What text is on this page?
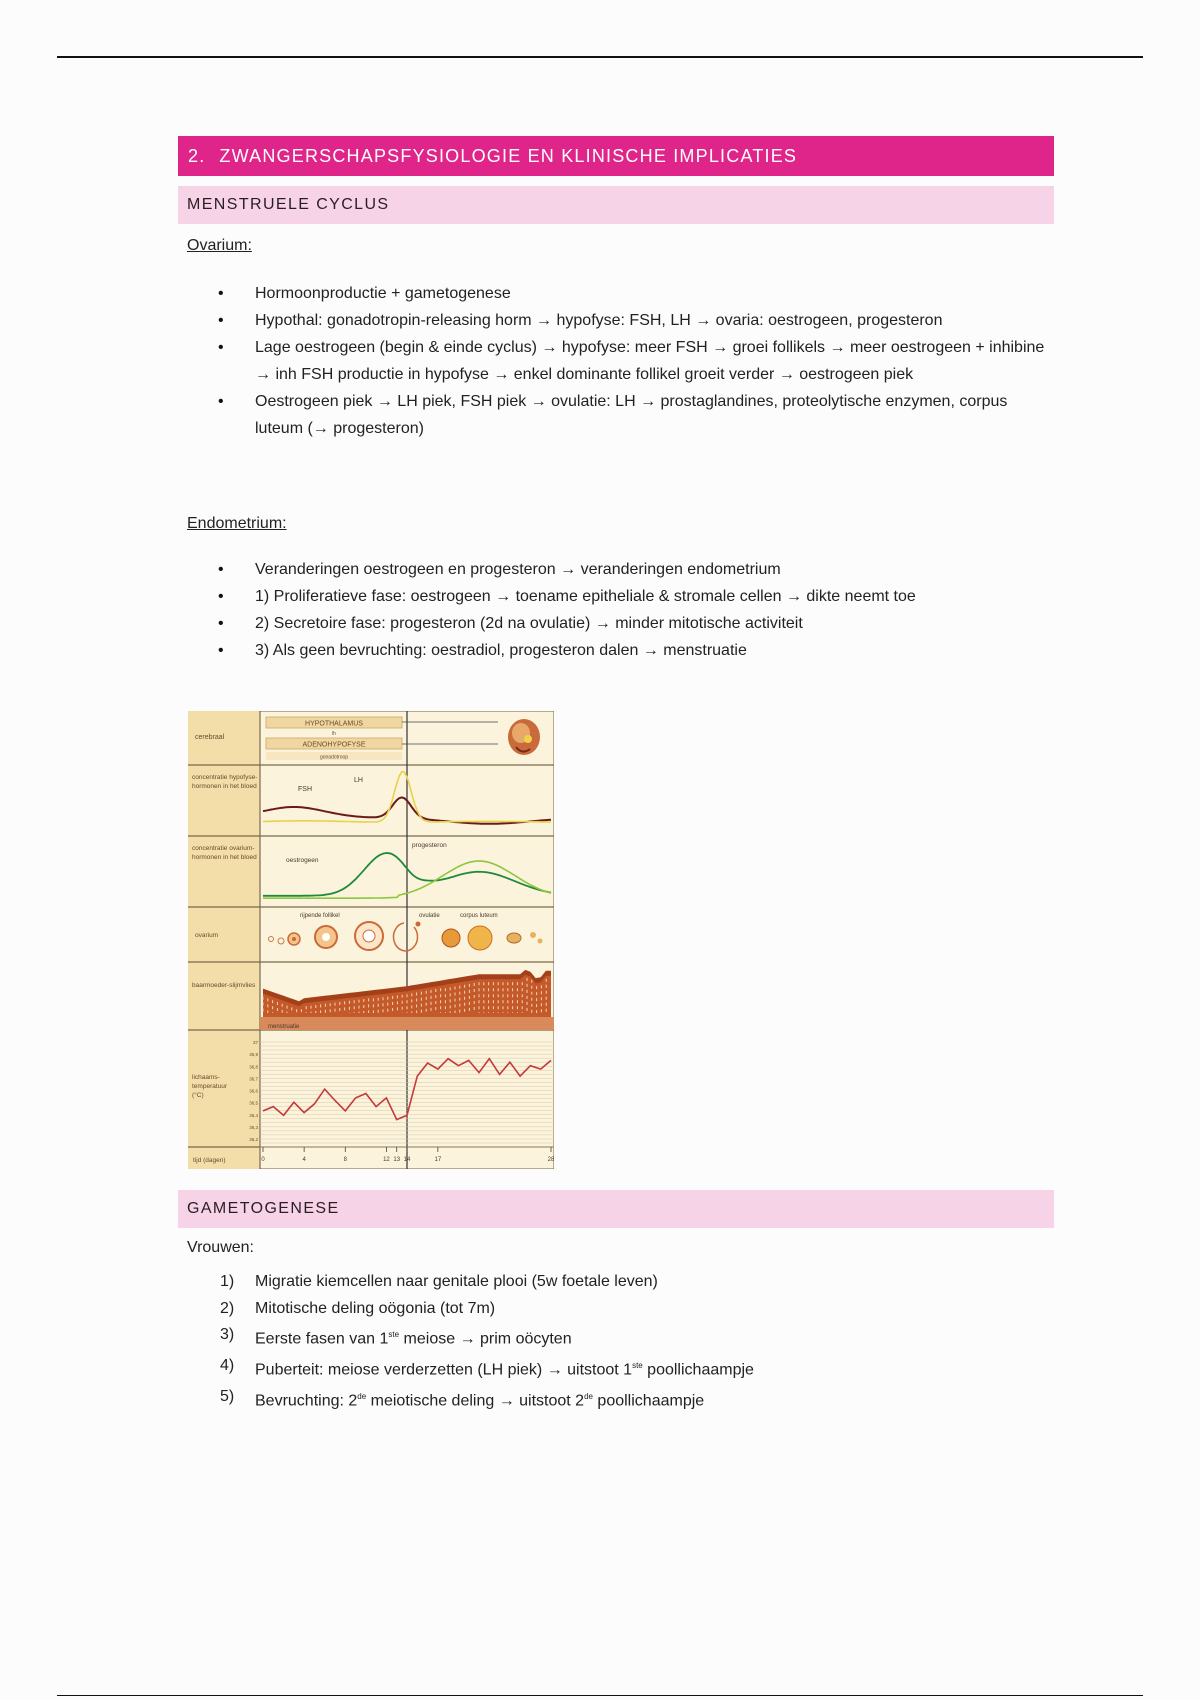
2. ZWANGERSCHAPSFYSIOLOGIE EN KLINISCHE IMPLICATIES
MENSTRUELE CYCLUS
Ovarium:
• Hormoonproductie + gametogenese
• Hypothal: gonadotropin-releasing horm → hypofyse: FSH, LH → ovaria: oestrogeen, progesteron
• Lage oestrogeen (begin & einde cyclus) → hypofyse: meer FSH → groei follikels → meer oestrogeen + inhibine → inh FSH productie in hypofyse → enkel dominante follikel groeit verder → oestrogeen piek
• Oestrogeen piek → LH piek, FSH piek → ovulatie: LH → prostaglandines, proteolytische enzymen, corpus luteum (→ progesteron)
Endometrium:
• Veranderingen oestrogeen en progesteron → veranderingen endometrium
• 1) Proliferatieve fase: oestrogeen → toename epitheliale & stromale cellen → dikte neemt toe
• 2) Secretoire fase: progesteron (2d na ovulatie) → minder mitotische activiteit
• 3) Als geen bevruchting: oestradiol, progesteron dalen → menstruatie
cerebraal
concentratie hypofyse-hormonen in het bloed
concentratie ovarium-hormonen in het bloed
ovarium
baarmoeder-slijmvlies
lichaams-temperatuur (°C)
tijd (dagen)
HYPOTHALAMUS
lh
ADENOHYPOFYSE
gonadotroop
FSH
LH
oestrogeen
progesteron
rijpende follikel	ovulatie	corpus luteum
menstruatie
37
36,9
36,8
36,7
36,6
36,5
36,4
36,3
36,2
0	4	8	12 13 14	17	28
GAMETOGENESE
Vrouwen:
1) Migratie kiemcellen naar genitale plooi (5w foetale leven)
2) Mitotische deling oögonia (tot 7m)
3) Eerste fasen van 1ste meiose → prim oöcyten
4) Puberteit: meiose verderzetten (LH piek) → uitstoot 1ste poollichaampje
5) Bevruchting: 2de meiotische deling → uitstoot 2de poollichaampje
